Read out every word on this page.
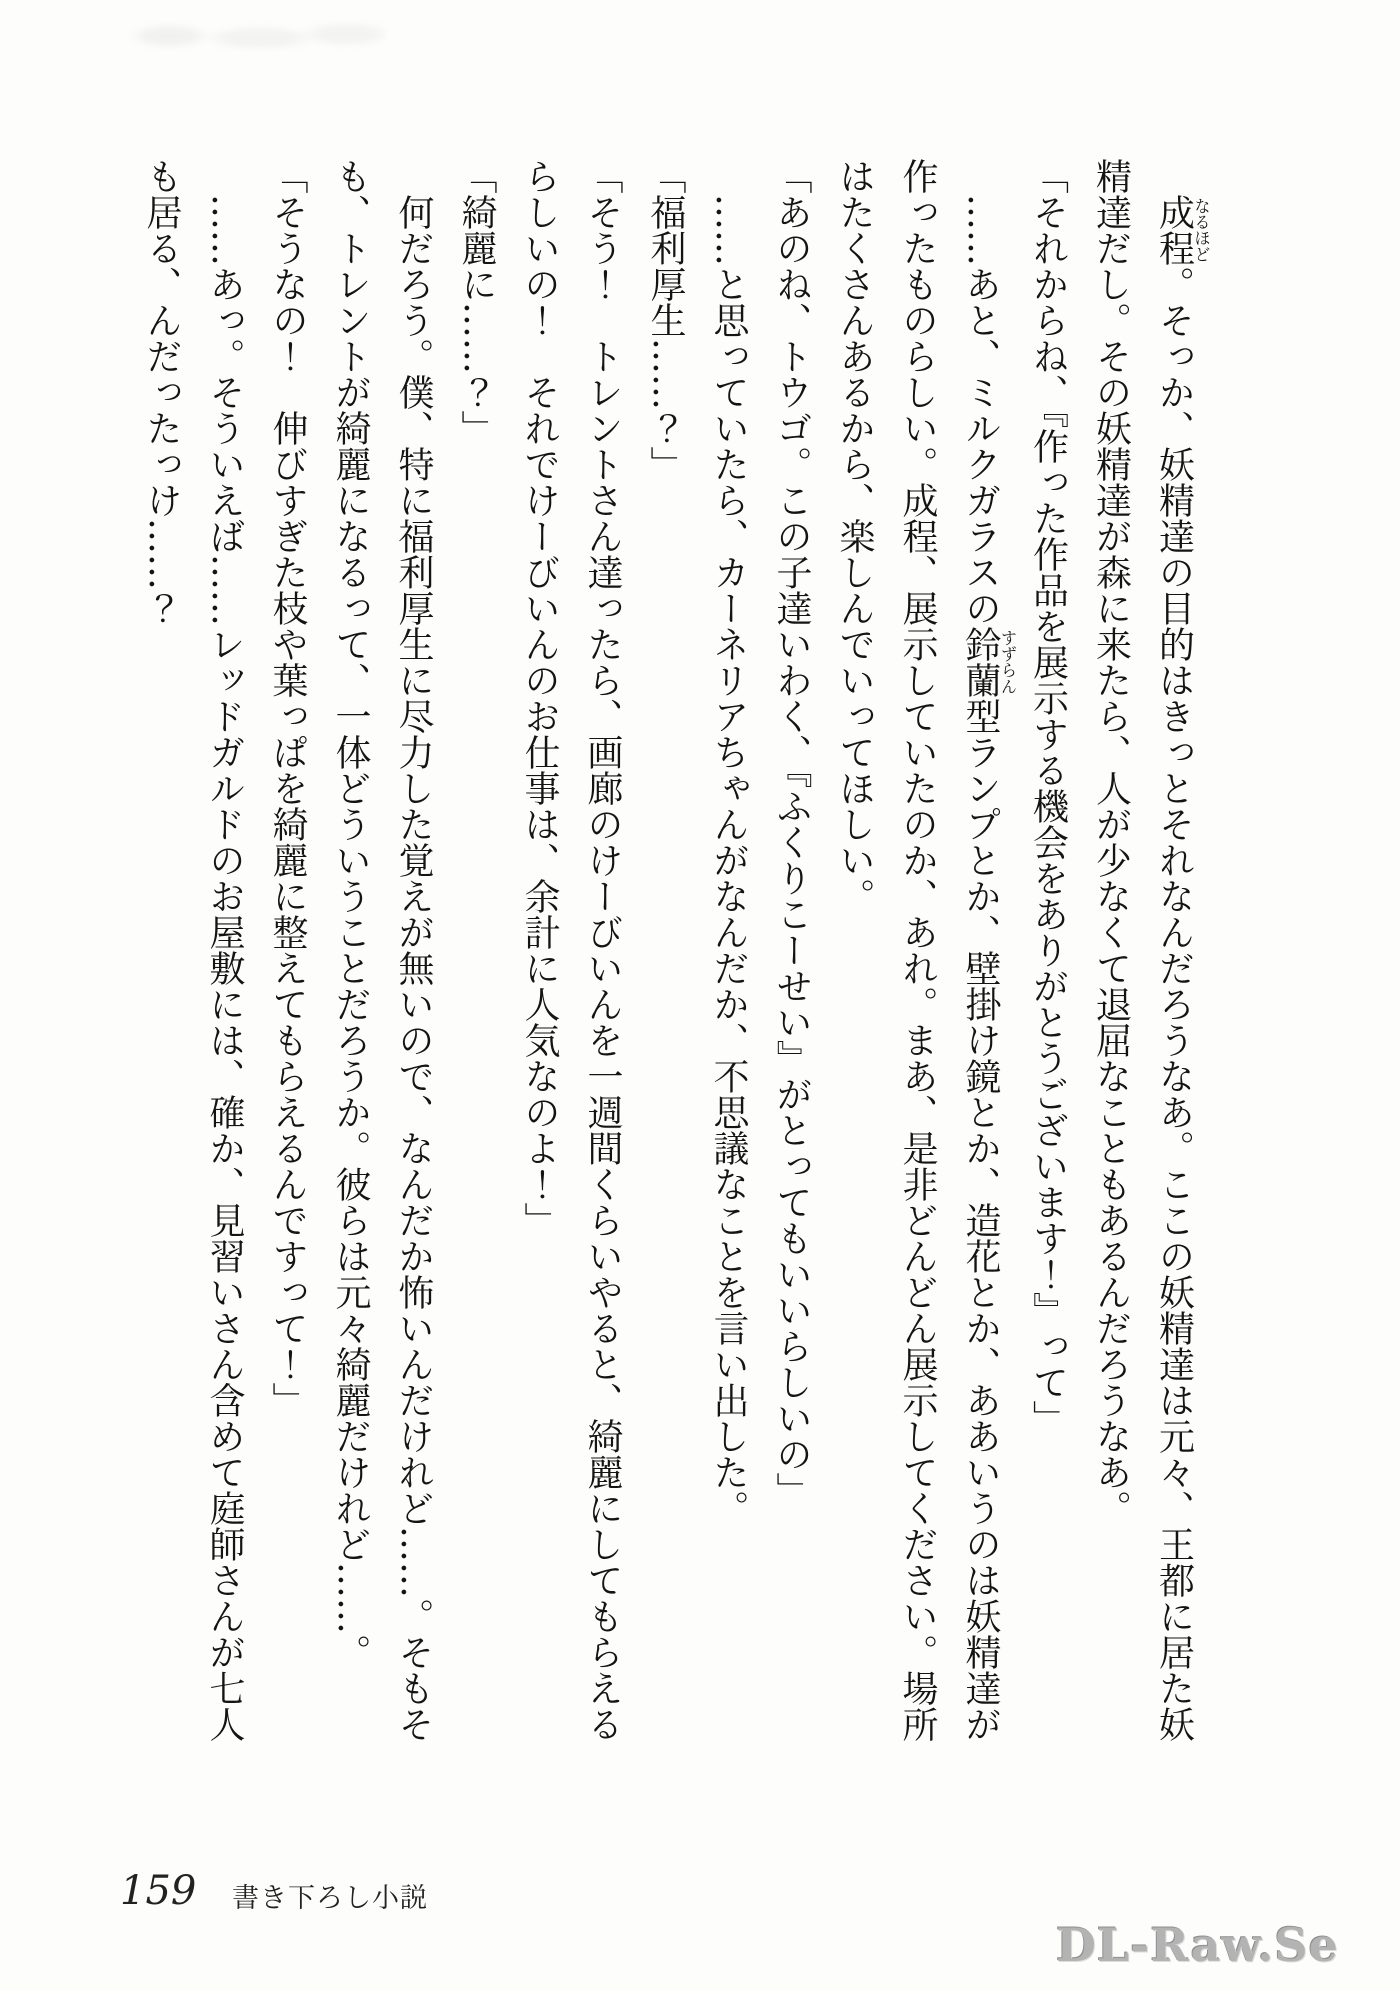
成程なるほど。そっか、妖精達の目的はきっとそれなんだろうなあ。ここの妖精達は元々、王都に居た妖精達だし。その妖精達が森に来たら、人が少なくて退屈なこともあるんだろうなあ。

「それからね、『作った作品を展示する機会をありがとうございます！』って」

……あと、ミルクガラスの鈴蘭すずらん型ランプとか、壁掛け鏡とか、造花とか、ああいうのは妖精達が作ったものらしい。成程、展示していたのか、あれ。まあ、是非どんどん展示してください。場所はたくさんあるから、楽しんでいってほしい。

「あのね、トウゴ。この子達いわく、『ふくりこーせい』がとってもいいらしいの」

……と思っていたら、カーネリアちゃんがなんだか、不思議なことを言い出した。

「福利厚生……？」

「そう！　トレントさん達ったら、画廊のけーびいんを一週間くらいやると、綺麗にしてもらえるらしいの！　それでけーびいんのお仕事は、余計に人気なのよ！」

「綺麗に……？」

何だろう。僕、特に福利厚生に尽力した覚えが無いので、なんだか怖いんだけれど……。そもそも、トレントが綺麗になるって、一体どういうことだろうか。彼らは元々綺麗だけれど……。

「そうなの！　伸びすぎた枝や葉っぱを綺麗に整えてもらえるんですって！」

……あっ。そういえば……レッドガルドのお屋敷には、確か、見習いさん含めて庭師さんが七人も居る、んだったっけ……？

159 書き下ろし小説
DL-Raw.Se
